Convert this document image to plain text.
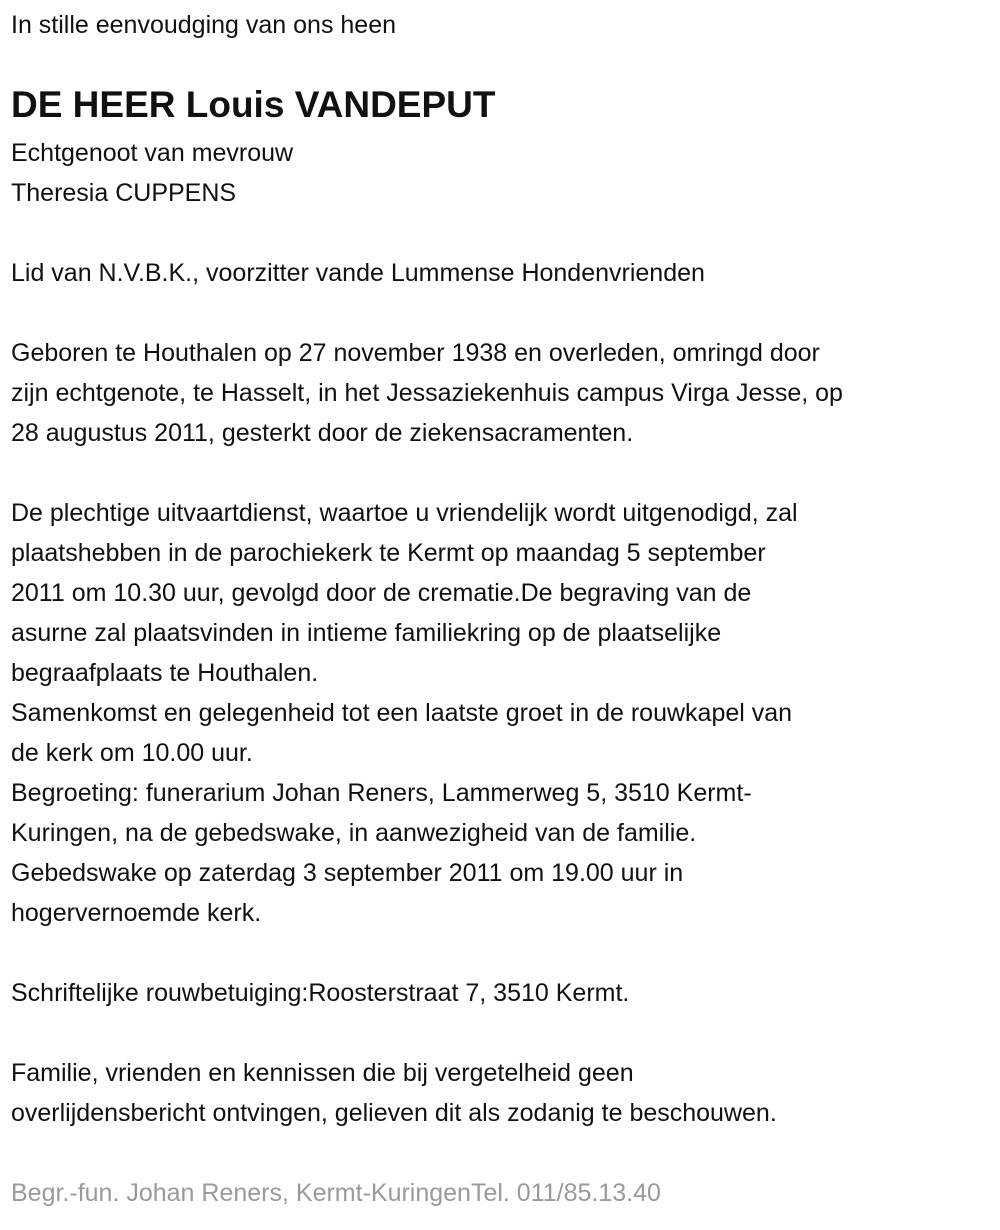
In stille eenvoudging van ons heen
DE HEER Louis VANDEPUT
Echtgenoot van mevrouw
Theresia CUPPENS
Lid van N.V.B.K., voorzitter vande Lummense Hondenvrienden
Geboren te Houthalen op 27 november 1938 en overleden, omringd door
zijn echtgenote, te Hasselt, in het Jessaziekenhuis campus Virga Jesse, op
28 augustus 2011, gesterkt door de ziekensacramenten.
De plechtige uitvaartdienst, waartoe u vriendelijk wordt uitgenodigd, zal
plaatshebben in de parochiekerk te Kermt op maandag 5 september
2011 om 10.30 uur, gevolgd door de crematie.De begraving van de
asurne zal plaatsvinden in intieme familiekring op de plaatselijke
begraafplaats te Houthalen.
Samenkomst en gelegenheid tot een laatste groet in de rouwkapel van
de kerk om 10.00 uur.
Begroeting: funerarium Johan Reners, Lammerweg 5, 3510 Kermt-
Kuringen, na de gebedswake, in aanwezigheid van de familie.
Gebedswake op zaterdag 3 september 2011 om 19.00 uur in
hogervernoemde kerk.
Schriftelijke rouwbetuiging:Roosterstraat 7, 3510 Kermt.
Familie, vrienden en kennissen die bij vergetelheid geen
overlijdensbericht ontvingen, gelieven dit als zodanig te beschouwen.
Begr.-fun. Johan Reners, Kermt-KuringenTel. 011/85.13.40
